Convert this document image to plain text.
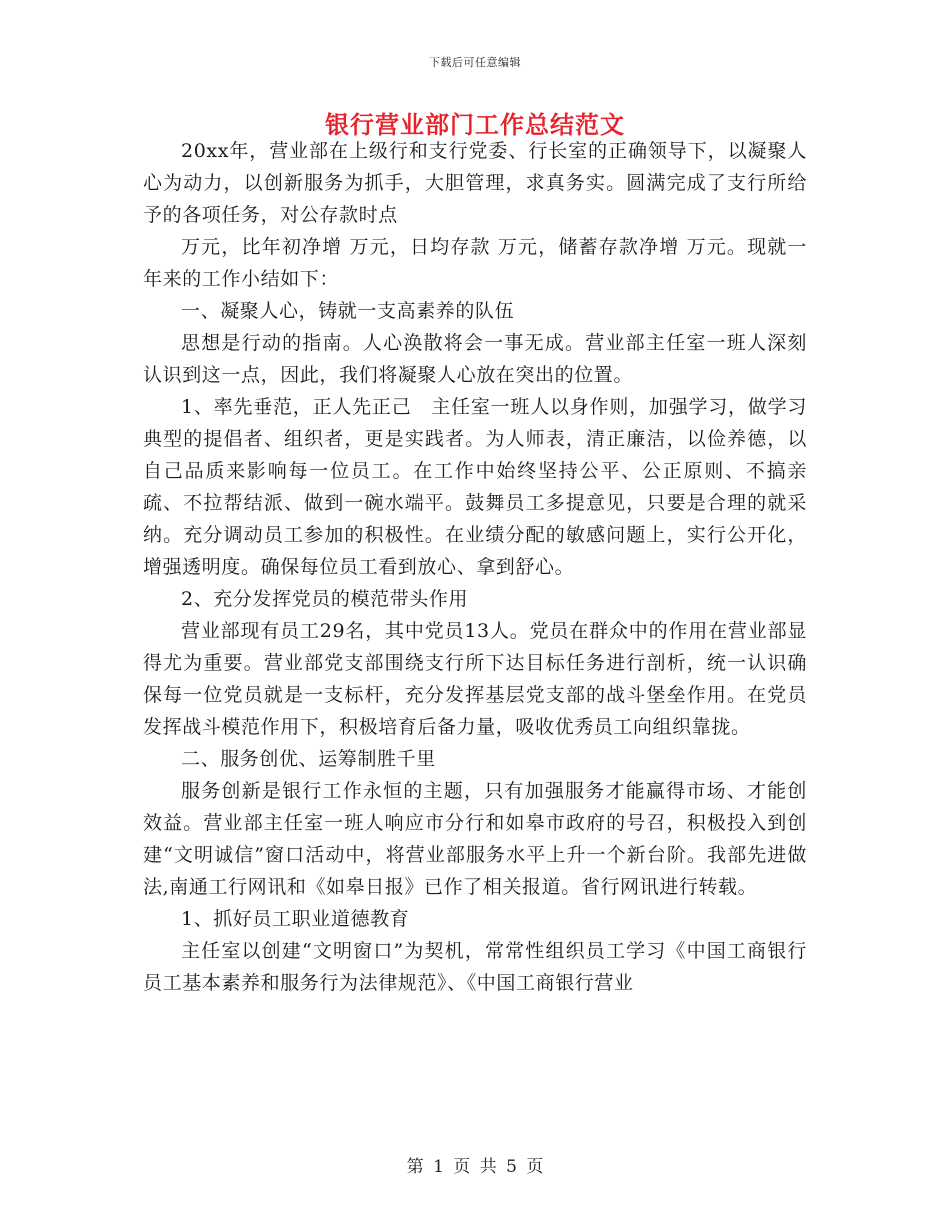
下载后可任意编辑
银行营业部门工作总结范文

20xx年，营业部在上级行和支行党委、行长室的正确领导下，以凝聚人心为动力，以创新服务为抓手，大胆管理，求真务实。圆满完成了支行所给予的各项任务，对公存款时点

万元，比年初净增 万元，日均存款 万元，储蓄存款净增 万元。现就一年来的工作小结如下：

一、凝聚人心，铸就一支高素养的队伍

思想是行动的指南。人心涣散将会一事无成。营业部主任室一班人深刻认识到这一点，因此，我们将凝聚人心放在突出的位置。

1、率先垂范，正人先正己　主任室一班人以身作则，加强学习，做学习典型的提倡者、组织者，更是实践者。为人师表，清正廉洁，以俭养德，以自己品质来影响每一位员工。在工作中始终坚持公平、公正原则、不搞亲疏、不拉帮结派、做到一碗水端平。鼓舞员工多提意见，只要是合理的就采纳。充分调动员工参加的积极性。在业绩分配的敏感问题上，实行公开化，增强透明度。确保每位员工看到放心、拿到舒心。

2、充分发挥党员的模范带头作用

营业部现有员工29名，其中党员13人。党员在群众中的作用在营业部显得尤为重要。营业部党支部围绕支行所下达目标任务进行剖析，统一认识确保每一位党员就是一支标杆，充分发挥基层党支部的战斗堡垒作用。在党员发挥战斗模范作用下，积极培育后备力量，吸收优秀员工向组织靠拢。

二、服务创优、运筹制胜千里

服务创新是银行工作永恒的主题，只有加强服务才能赢得市场、才能创效益。营业部主任室一班人响应市分行和如皋市政府的号召，积极投入到创建“文明诚信”窗口活动中，将营业部服务水平上升一个新台阶。我部先进做法,南通工行网讯和《如皋日报》已作了相关报道。省行网讯进行转载。

1、抓好员工职业道德教育

主任室以创建“文明窗口”为契机，常常性组织员工学习《中国工商银行员工基本素养和服务行为法律规范》、《中国工商银行营业

第 1 页 共 5 页
